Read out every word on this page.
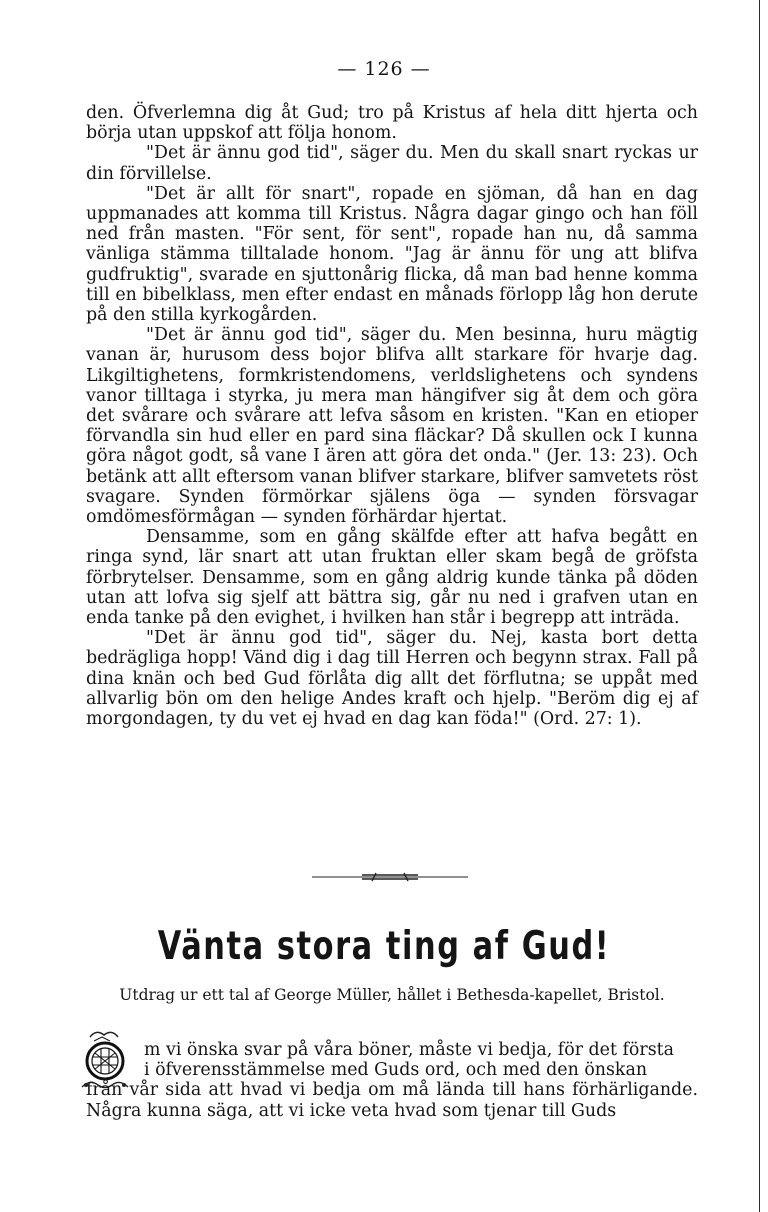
— 126 —

den. Öfverlemna dig åt Gud; tro på Kristus af hela ditt hjerta och börja utan uppskof att följa honom.

"Det är ännu god tid", säger du. Men du skall snart ryckas ur din förvillelse.

"Det är allt för snart", ropade en sjöman, då han en dag uppmanades att komma till Kristus. Några dagar gingo och han föll ned från masten. "För sent, för sent", ropade han nu, då samma vänliga stämma tilltalade honom. "Jag är ännu för ung att blifva gudfruktig", svarade en sjuttonårig flicka, då man bad henne komma till en bibelklass, men efter endast en månads förlopp låg hon derute på den stilla kyrkogården.

"Det är ännu god tid", säger du. Men besinna, huru mägtig vanan är, hurusom dess bojor blifva allt starkare för hvarje dag. Likgiltighetens, formkristendomens, verldslighetens och syndens vanor tilltaga i styrka, ju mera man hängifver sig åt dem och göra det svårare och svårare att lefva såsom en kristen. "Kan en etioper förvandla sin hud eller en pard sina fläckar? Då skullen ock I kunna göra något godt, så vane I ären att göra det onda." (Jer. 13: 23). Och betänk att allt eftersom vanan blifver starkare, blifver samvetets röst svagare. Synden förmörkar själens öga — synden försvagar omdömesförmågan — synden förhärdar hjertat.

Densamme, som en gång skälfde efter att hafva begått en ringa synd, lär snart att utan fruktan eller skam begå de gröfsta förbrytelser. Densamme, som en gång aldrig kunde tänka på döden utan att lofva sig sjelf att bättra sig, går nu ned i grafven utan en enda tanke på den evighet, i hvilken han står i begrepp att inträda.

"Det är ännu god tid", säger du. Nej, kasta bort detta bedrägliga hopp! Vänd dig i dag till Herren och begynn strax. Fall på dina knän och bed Gud förlåta dig allt det förflutna; se uppåt med allvarlig bön om den helige Andes kraft och hjelp. "Beröm dig ej af morgondagen, ty du vet ej hvad en dag kan föda!" (Ord. 27: 1).

Vänta stora ting af Gud!
Utdrag ur ett tal af George Müller, hållet i Bethesda-kapellet, Bristol.

m vi önska svar på våra böner, måste vi bedja, för det första

i öfverensstämmelse med Guds ord, och med den önskan

från vår sida att hvad vi bedja om må lända till hans förhärligande. Några kunna säga, att vi icke veta hvad som tjenar till Guds
